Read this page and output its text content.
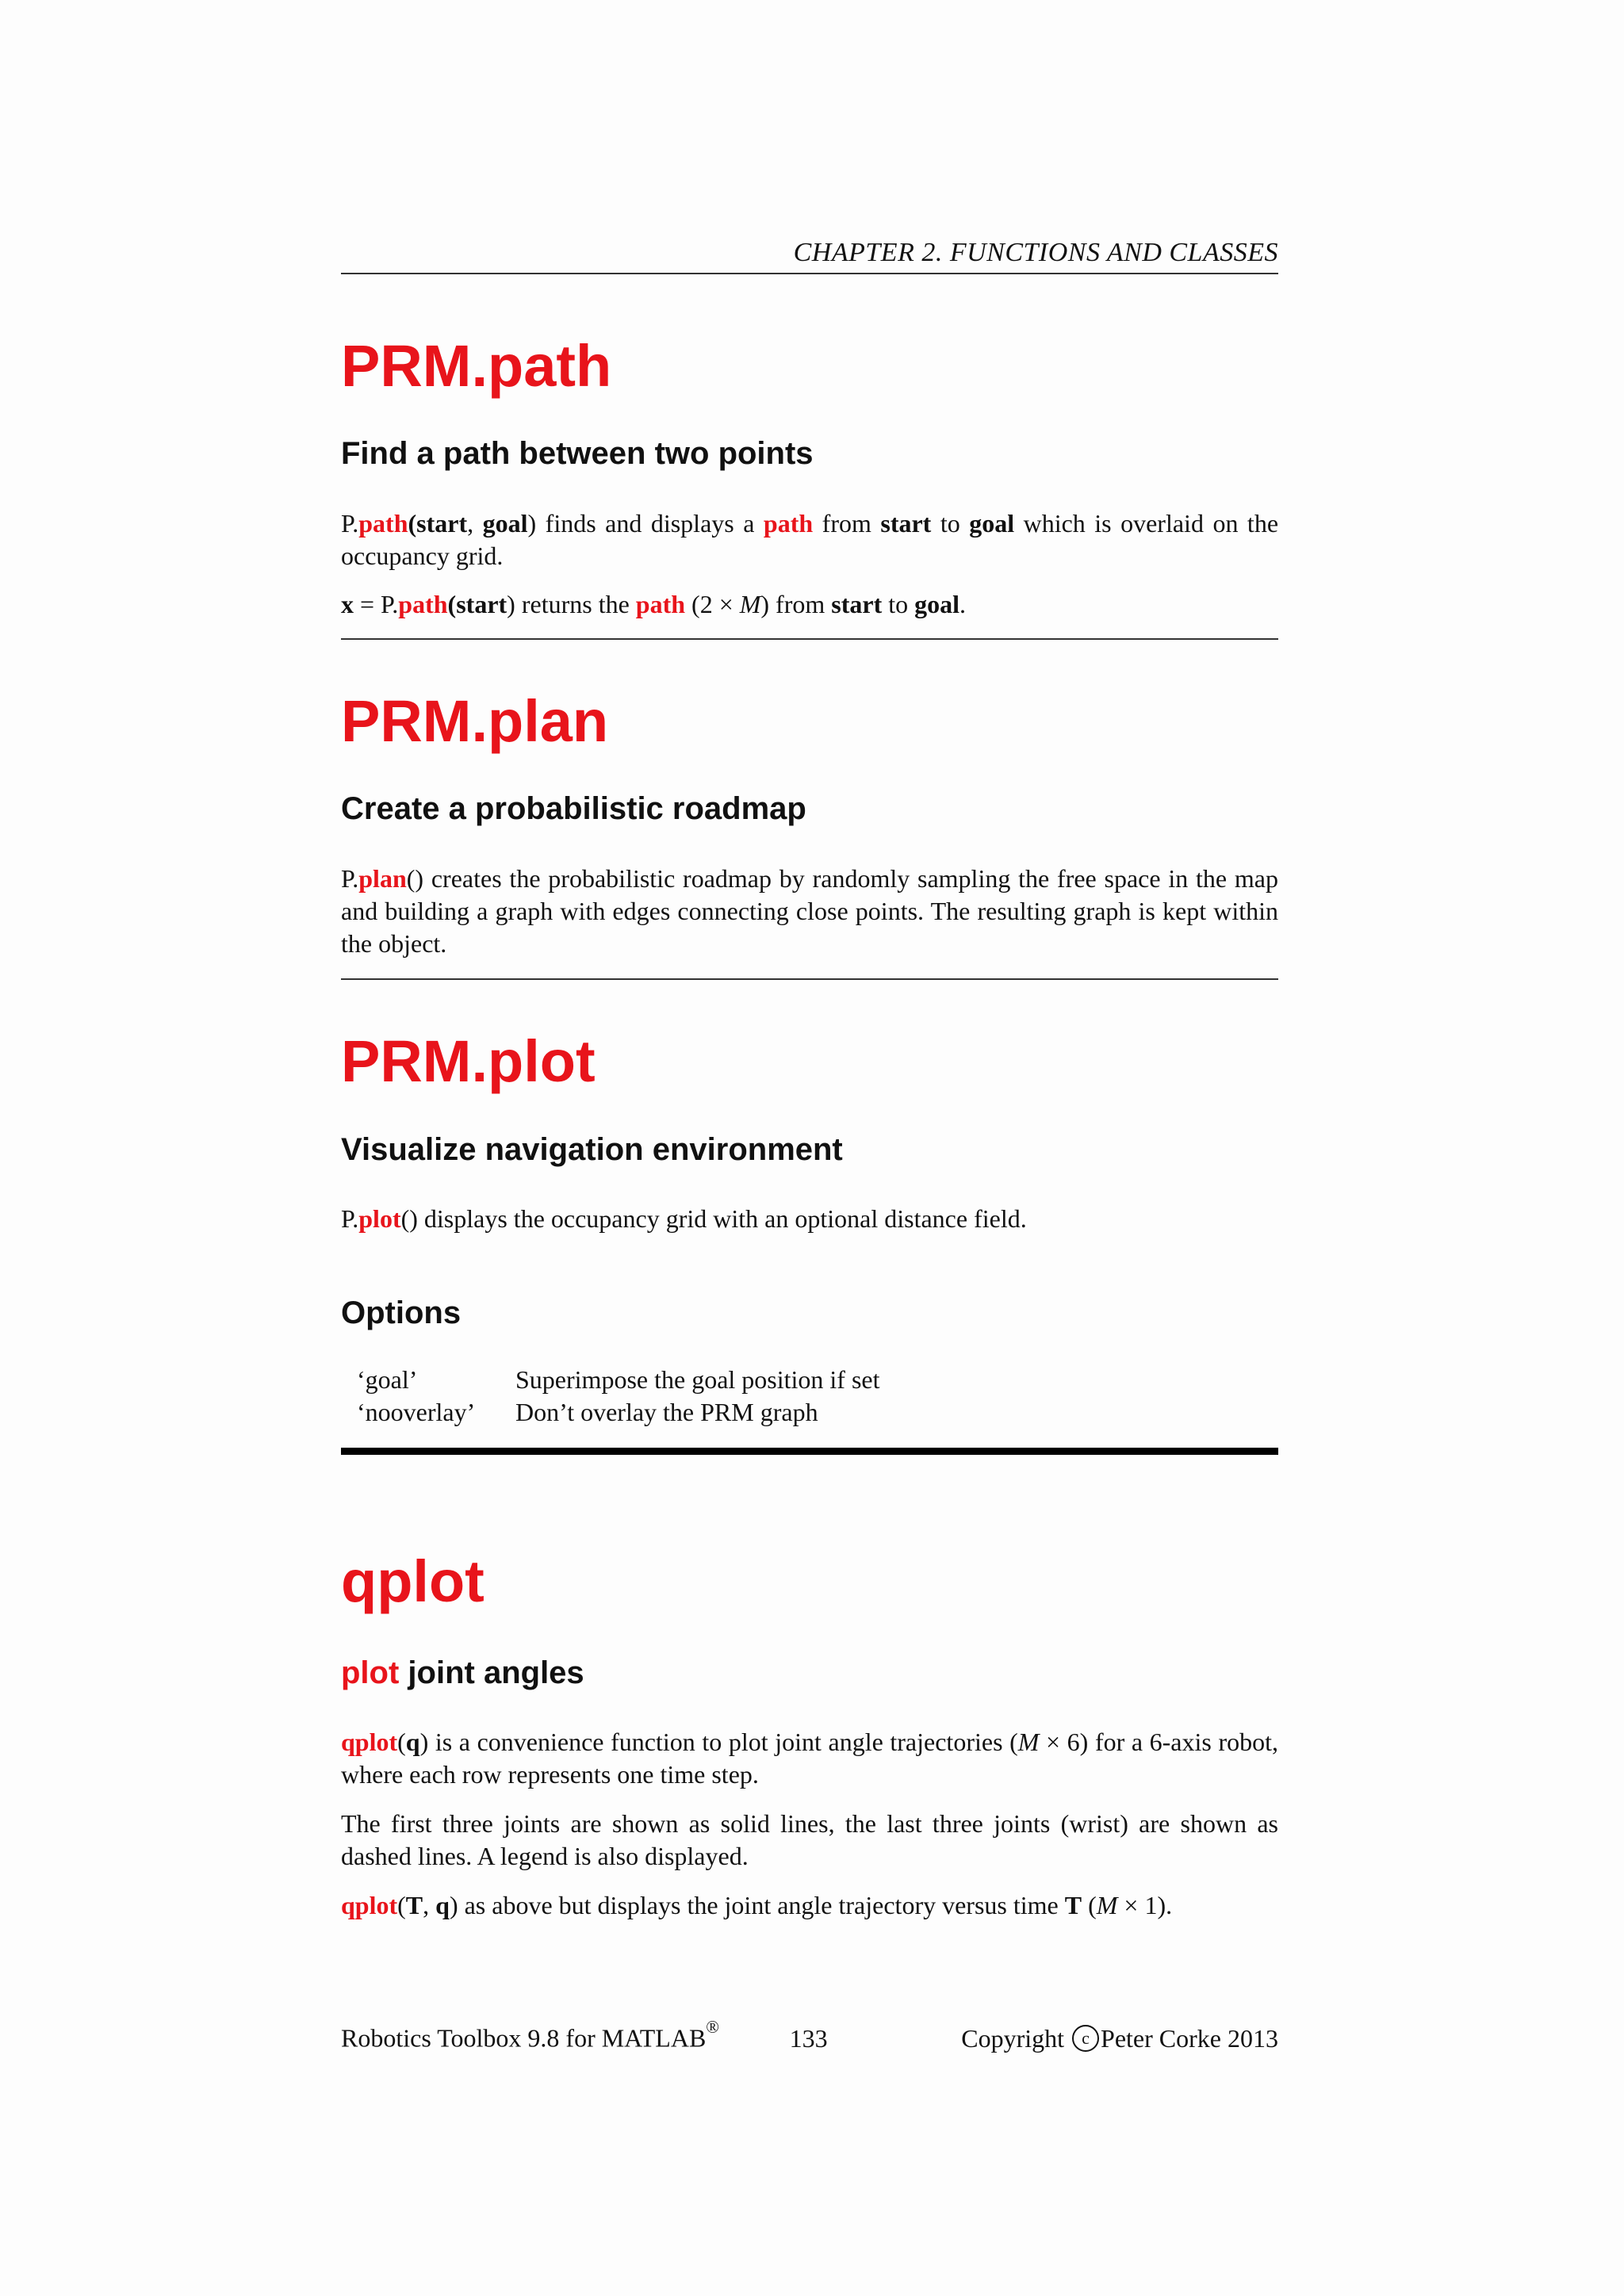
CHAPTER 2. FUNCTIONS AND CLASSES
PRM.path
Find a path between two points

P.path(start, goal) finds and displays a path from start to goal which is overlaid on the occupancy grid.

x = P.path(start) returns the path (2 × M) from start to goal.

PRM.plan
Create a probabilistic roadmap

P.plan() creates the probabilistic roadmap by randomly sampling the free space in the map and building a graph with edges connecting close points. The resulting graph is kept within the object.

PRM.plot
Visualize navigation environment

P.plot() displays the occupancy grid with an optional distance field.

Options
‘goal’	Superimpose the goal position if set
‘nooverlay’	Don’t overlay the PRM graph
qplot
plot joint angles

qplot(q) is a convenience function to plot joint angle trajectories (M × 6) for a 6-axis robot, where each row represents one time step.

The first three joints are shown as solid lines, the last three joints (wrist) are shown as dashed lines. A legend is also displayed.

qplot(T, q) as above but displays the joint angle trajectory versus time T (M × 1).

Robotics Toolbox 9.8 for MATLAB®	133	Copyright c Peter Corke 2013
